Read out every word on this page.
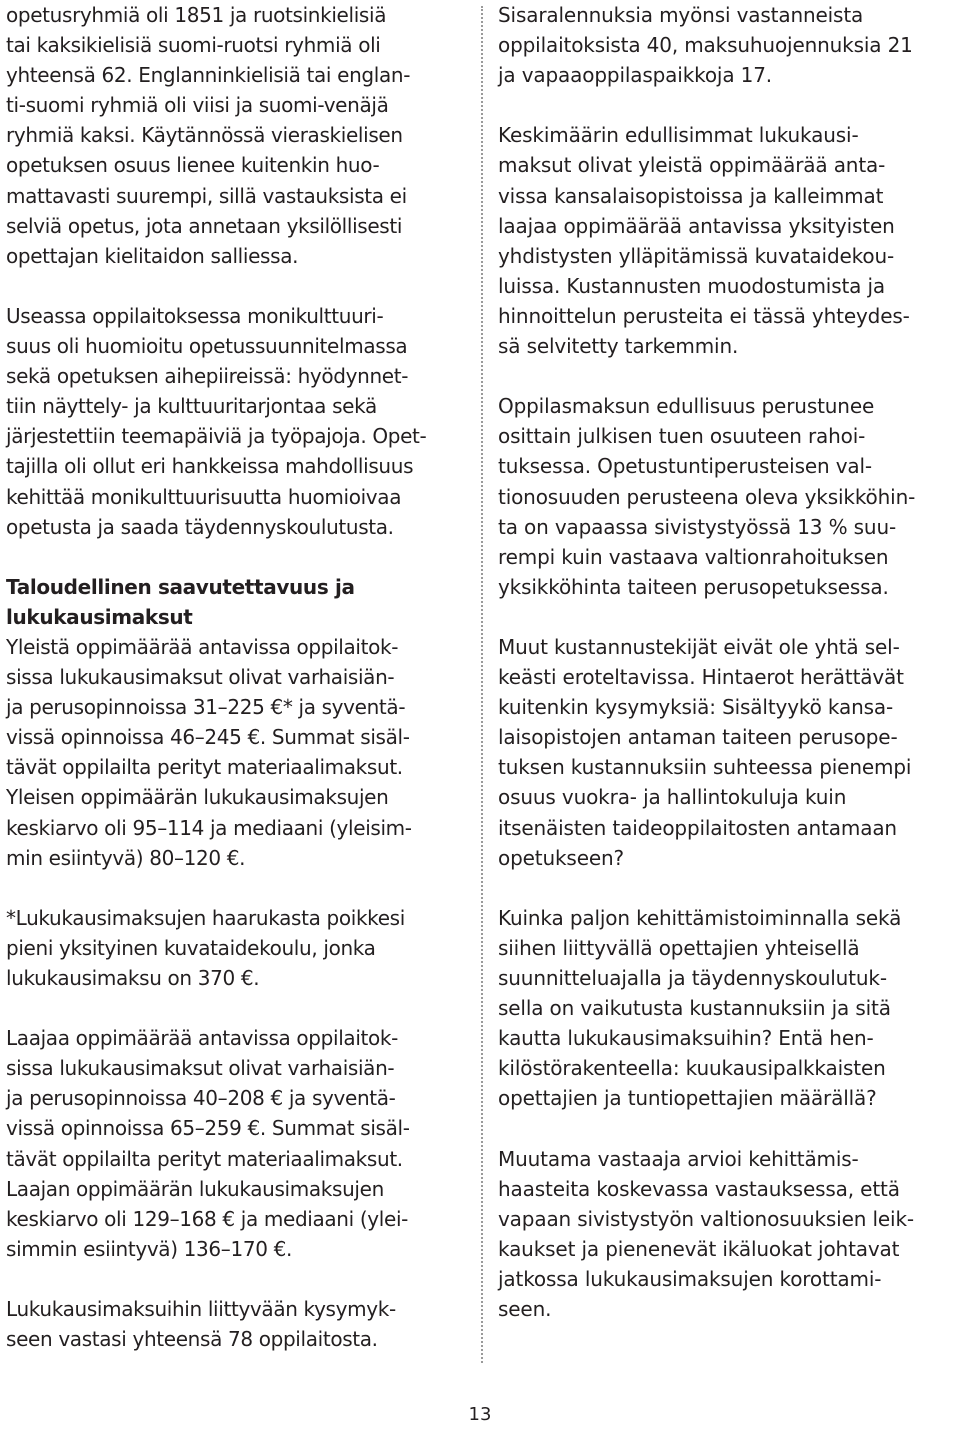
opetusryhmiä oli 1851 ja ruotsinkielisiä
tai kaksikielisiä suomi-ruotsi ryhmiä oli
yhteensä 62. Englanninkielisiä tai englan-
ti-suomi ryhmiä oli viisi ja suomi-venäjä
ryhmiä kaksi. Käytännössä vieraskielisen
opetuksen osuus lienee kuitenkin huo-
mattavasti suurempi, sillä vastauksista ei
selviä opetus, jota annetaan yksilöllisesti
opettajan kielitaidon salliessa.
Useassa oppilaitoksessa monikulttuuri-
suus oli huomioitu opetussuunnitelmassa
sekä opetuksen aihepiireissä: hyödynnet-
tiin näyttely- ja kulttuuritarjontaa sekä
järjestettiin teemapäiviä ja työpajoja. Opet-
tajilla oli ollut eri hankkeissa mahdollisuus
kehittää monikulttuurisuutta huomioivaa
opetusta ja saada täydennyskoulutusta.
Taloudellinen saavutettavuus ja
lukukausimaksut
Yleistä oppimäärää antavissa oppilaitok-
sissa lukukausimaksut olivat varhaisiän-
ja perusopinnoissa 31–225 €* ja syventä-
vissä opinnoissa 46–245 €. Summat sisäl-
tävät oppilailta perityt materiaalimaksut.
Yleisen oppimäärän lukukausimaksujen
keskiarvo oli 95–114 ja mediaani (yleisim-
min esiintyvä) 80–120 €.
*Lukukausimaksujen haarukasta poikkesi
pieni yksityinen kuvataidekoulu, jonka
lukukausimaksu on 370 €.
Laajaa oppimäärää antavissa oppilaitok-
sissa lukukausimaksut olivat varhaisiän-
ja perusopinnoissa 40–208 € ja syventä-
vissä opinnoissa 65–259 €. Summat sisäl-
tävät oppilailta perityt materiaalimaksut.
Laajan oppimäärän lukukausimaksujen
keskiarvo oli 129–168 € ja mediaani (ylei-
simmin esiintyvä) 136–170 €.
Lukukausimaksuihin liittyvään kysymyk-
seen vastasi yhteensä 78 oppilaitosta.
Sisaralennuksia myönsi vastanneista
oppilaitoksista 40, maksuhuojennuksia 21
ja vapaaoppilaspaikkoja 17.
Keskimäärin edullisimmat lukukausi-
maksut olivat yleistä oppimäärää anta-
vissa kansalaisopistoissa ja kalleimmat
laajaa oppimäärää antavissa yksityisten
yhdistysten ylläpitämissä kuvataidekou-
luissa. Kustannusten muodostumista ja
hinnoittelun perusteita ei tässä yhteydes-
sä selvitetty tarkemmin.
Oppilasmaksun edullisuus perustunee
osittain julkisen tuen osuuteen rahoi-
tuksessa. Opetustuntiperusteisen val-
tionosuuden perusteena oleva yksikköhin-
ta on vapaassa sivistystyössä 13 % suu-
rempi kuin vastaava valtionrahoituksen
yksikköhinta taiteen perusopetuksessa.
Muut kustannustekijät eivät ole yhtä sel-
keästi eroteltavissa. Hintaerot herättävät
kuitenkin kysymyksiä: Sisältyykö kansa-
laisopistojen antaman taiteen perusope-
tuksen kustannuksiin suhteessa pienempi
osuus vuokra- ja hallintokuluja kuin
itsenäisten taideoppilaitosten antamaan
opetukseen?
Kuinka paljon kehittämistoiminnalla sekä
siihen liittyvällä opettajien yhteisellä
suunnitteluajalla ja täydennyskoulutuk-
sella on vaikutusta kustannuksiin ja sitä
kautta lukukausimaksuihin? Entä hen-
kilöstörakenteella: kuukausipalkkaisten
opettajien ja tuntiopettajien määrällä?
Muutama vastaaja arvioi kehittämis-
haasteita koskevassa vastauksessa, että
vapaan sivistystyön valtionosuuksien leik-
kaukset ja pienenevät ikäluokat johtavat
jatkossa lukukausimaksujen korottami-
seen.
13
